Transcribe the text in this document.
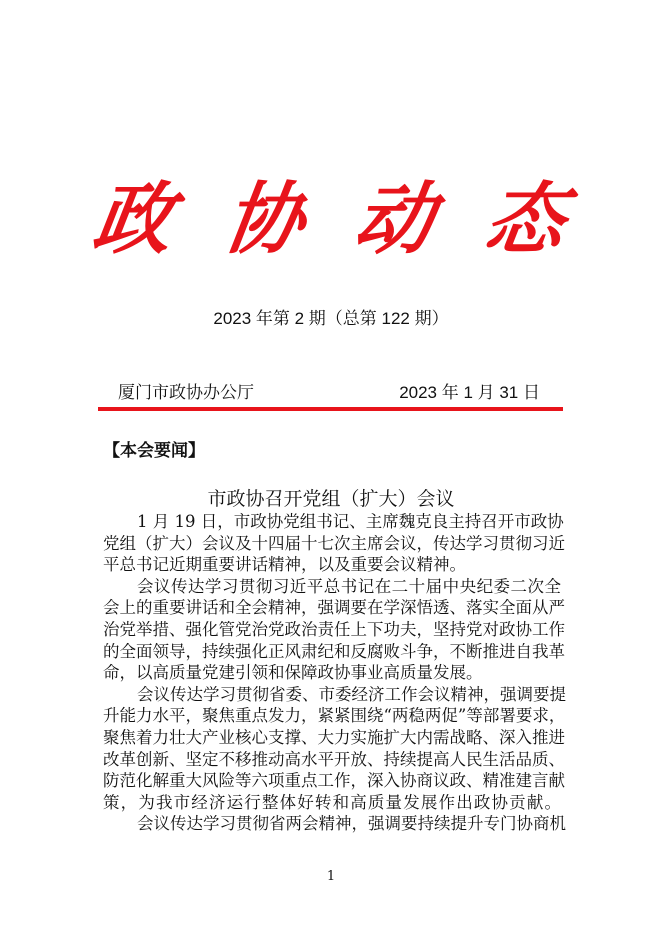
政 协 动 态
2023 年第 2 期（总第 122 期）
厦门市政协办公厅	2023 年 1 月 31 日
【本会要闻】
市政协召开党组（扩大）会议
1 月 19 日，市政协党组书记、主席魏克良主持召开市政协
党组（扩大）会议及十四届十七次主席会议，传达学习贯彻习近
平总书记近期重要讲话精神，以及重要会议精神。
会议传达学习贯彻习近平总书记在二十届中央纪委二次全
会上的重要讲话和全会精神，强调要在学深悟透、落实全面从严
治党举措、强化管党治党政治责任上下功夫，坚持党对政协工作
的全面领导，持续强化正风肃纪和反腐败斗争，不断推进自我革
命，以高质量党建引领和保障政协事业高质量发展。
会议传达学习贯彻省委、市委经济工作会议精神，强调要提
升能力水平，聚焦重点发力，紧紧围绕“两稳两促”等部署要求，
聚焦着力壮大产业核心支撑、大力实施扩大内需战略、深入推进
改革创新、坚定不移推动高水平开放、持续提高人民生活品质、
防范化解重大风险等六项重点工作，深入协商议政、精准建言献
策，为我市经济运行整体好转和高质量发展作出政协贡献。
会议传达学习贯彻省两会精神，强调要持续提升专门协商机
1
